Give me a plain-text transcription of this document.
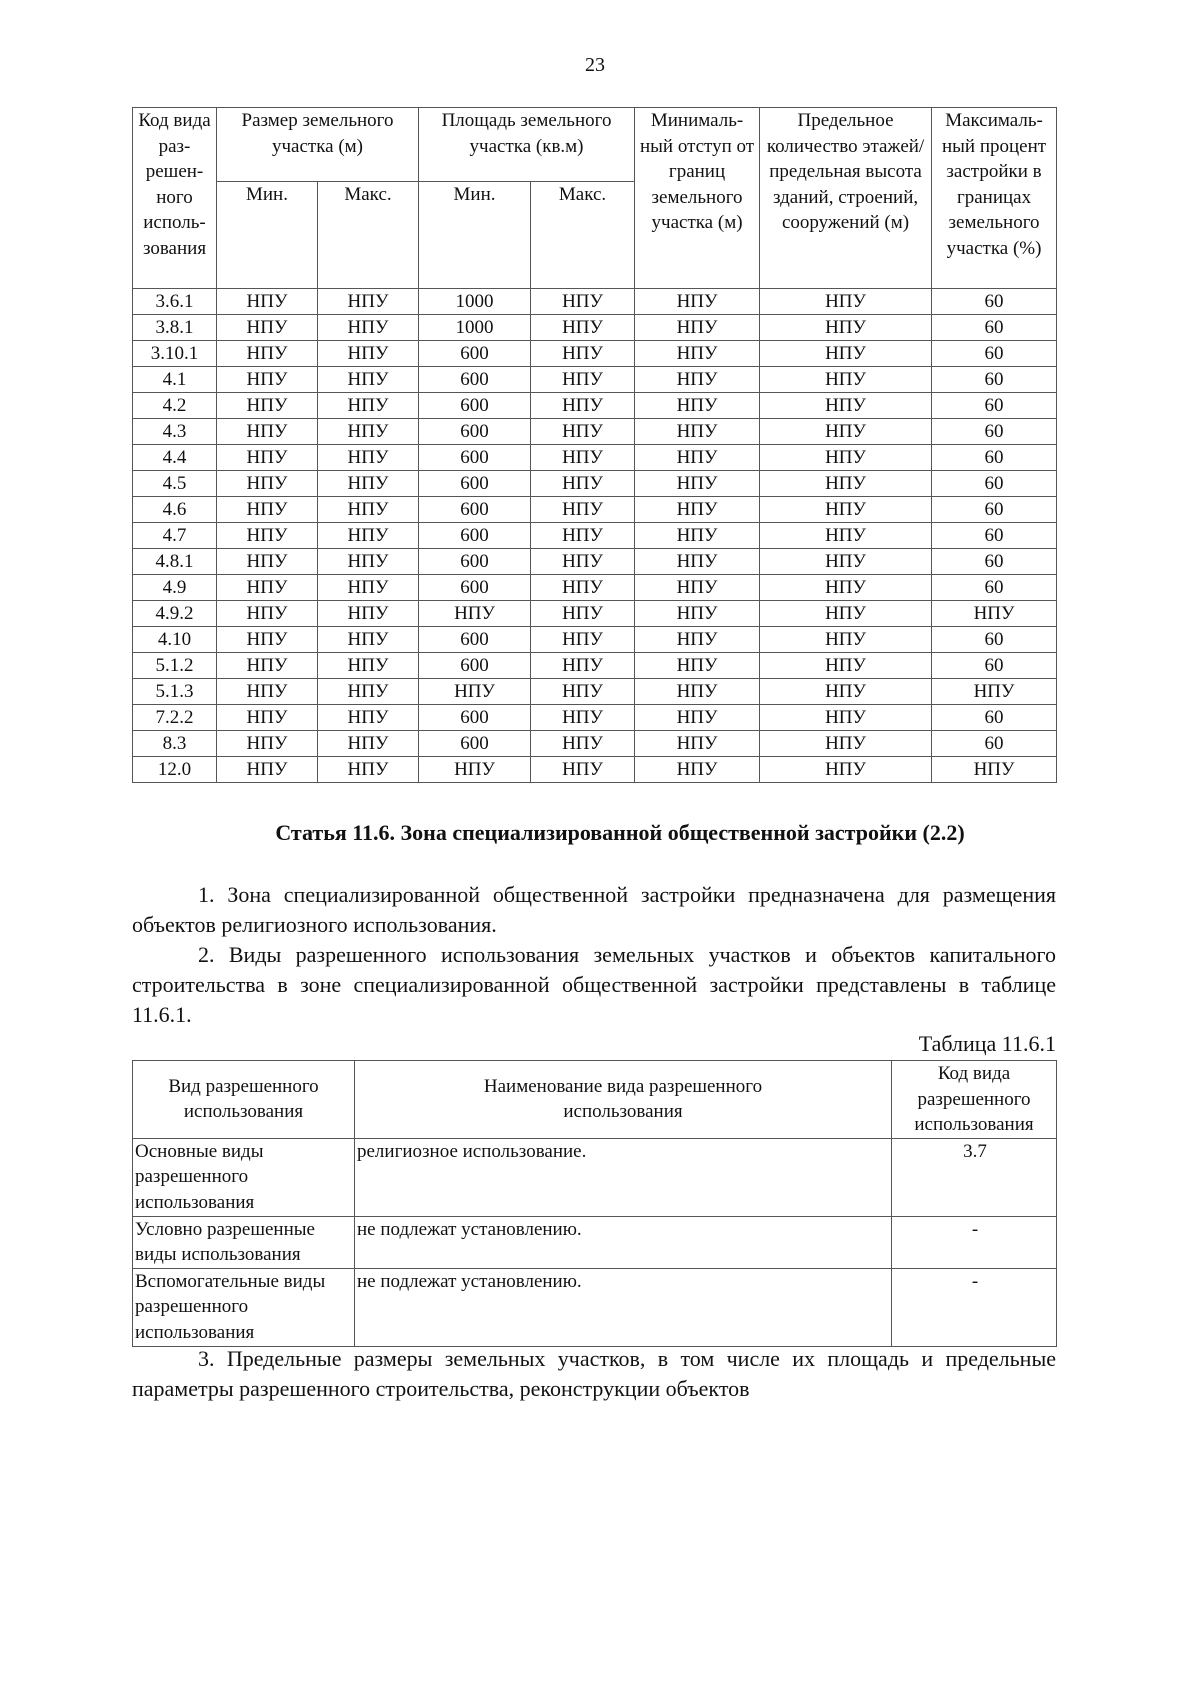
23
Код вида раз- решен- ного исполь- зования	Размер земельного участка (м)		Площадь земельного участка (кв.м)		Минималь- ный отступ от границ земельного участка (м)	Предельное количество этажей/ предельная высота зданий, строений, сооружений (м)	Максималь- ный процент застройки в границах земельного участка (%)
	Мин.	Макс.	Мин.	Макс.			
3.6.1	НПУ	НПУ	1000	НПУ	НПУ	НПУ	60
3.8.1	НПУ	НПУ	1000	НПУ	НПУ	НПУ	60
3.10.1	НПУ	НПУ	600	НПУ	НПУ	НПУ	60
4.1	НПУ	НПУ	600	НПУ	НПУ	НПУ	60
4.2	НПУ	НПУ	600	НПУ	НПУ	НПУ	60
4.3	НПУ	НПУ	600	НПУ	НПУ	НПУ	60
4.4	НПУ	НПУ	600	НПУ	НПУ	НПУ	60
4.5	НПУ	НПУ	600	НПУ	НПУ	НПУ	60
4.6	НПУ	НПУ	600	НПУ	НПУ	НПУ	60
4.7	НПУ	НПУ	600	НПУ	НПУ	НПУ	60
4.8.1	НПУ	НПУ	600	НПУ	НПУ	НПУ	60
4.9	НПУ	НПУ	600	НПУ	НПУ	НПУ	60
4.9.2	НПУ	НПУ	НПУ	НПУ	НПУ	НПУ	НПУ
4.10	НПУ	НПУ	600	НПУ	НПУ	НПУ	60
5.1.2	НПУ	НПУ	600	НПУ	НПУ	НПУ	60
5.1.3	НПУ	НПУ	НПУ	НПУ	НПУ	НПУ	НПУ
7.2.2	НПУ	НПУ	600	НПУ	НПУ	НПУ	60
8.3	НПУ	НПУ	600	НПУ	НПУ	НПУ	60
12.0	НПУ	НПУ	НПУ	НПУ	НПУ	НПУ	НПУ
Статья 11.6. Зона специализированной общественной застройки (2.2)
1. Зона специализированной общественной застройки предназначена для размещения объектов религиозного использования.
2. Виды разрешенного использования земельных участков и объектов капитального строительства в зоне специализированной общественной застройки представлены в таблице 11.6.1.
Таблица 11.6.1
Вид разрешенного использования	Наименование вида разрешенного использования	Код вида разрешенного использования
Основные виды разрешенного использования	религиозное использование.	3.7
Условно разрешенные виды использования	не подлежат установлению.	-
Вспомогательные виды разрешенного использования	не подлежат установлению.	-
3. Предельные размеры земельных участков, в том числе их площадь и предельные параметры разрешенного строительства, реконструкции объектов
